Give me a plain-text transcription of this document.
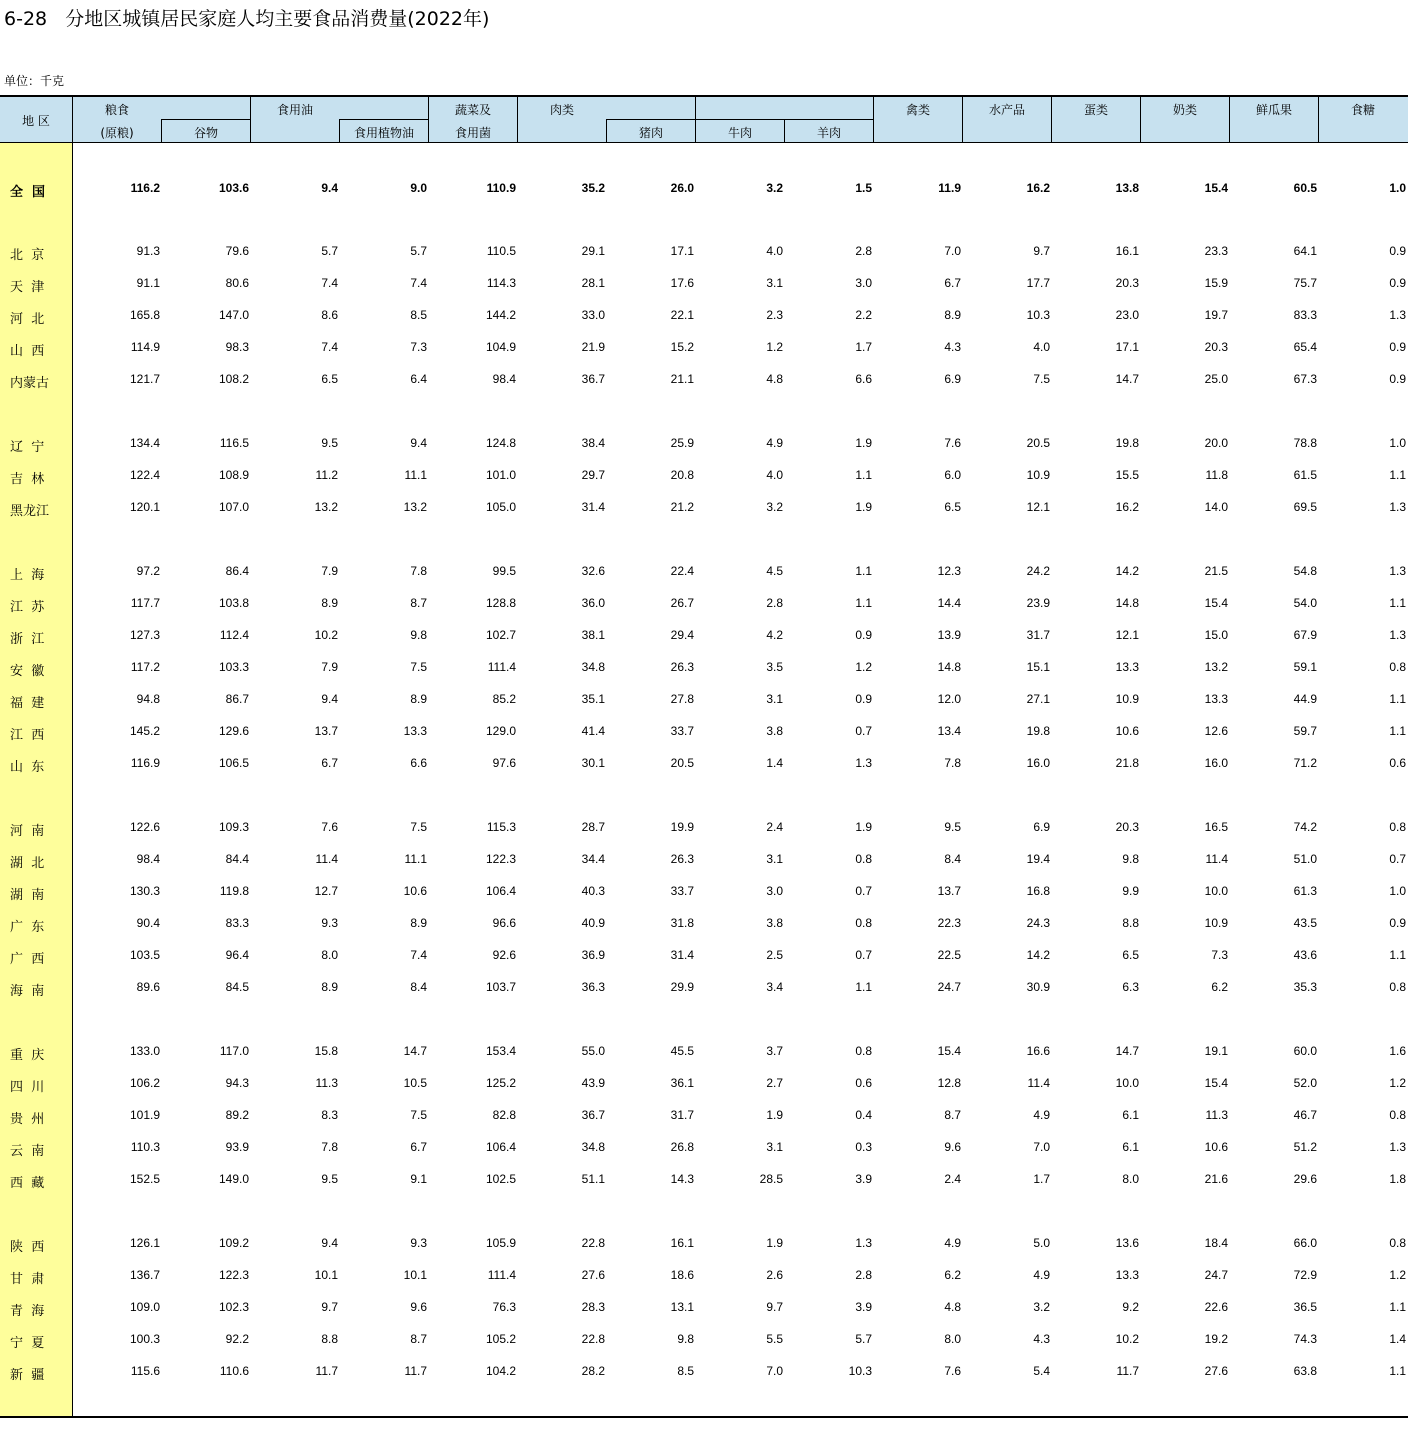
6-28   分地区城镇居民家庭人均主要食品消费量(2022年)
单位：千克
地 区
粮食	食用油	蔬菜及	肉类	禽类	水产品	蛋类	奶类	鲜瓜果	食糖
(原粮)	谷物	食用植物油	食用菌	猪肉	牛肉	羊肉
全  国	116.2	103.6	9.4	9.0	110.9	35.2	26.0	3.2	1.5	11.9	16.2	13.8	15.4	60.5	1.0
北  京	91.3	79.6	5.7	5.7	110.5	29.1	17.1	4.0	2.8	7.0	9.7	16.1	23.3	64.1	0.9
天  津	91.1	80.6	7.4	7.4	114.3	28.1	17.6	3.1	3.0	6.7	17.7	20.3	15.9	75.7	0.9
河  北	165.8	147.0	8.6	8.5	144.2	33.0	22.1	2.3	2.2	8.9	10.3	23.0	19.7	83.3	1.3
山  西	114.9	98.3	7.4	7.3	104.9	21.9	15.2	1.2	1.7	4.3	4.0	17.1	20.3	65.4	0.9
内蒙古	121.7	108.2	6.5	6.4	98.4	36.7	21.1	4.8	6.6	6.9	7.5	14.7	25.0	67.3	0.9
辽  宁	134.4	116.5	9.5	9.4	124.8	38.4	25.9	4.9	1.9	7.6	20.5	19.8	20.0	78.8	1.0
吉  林	122.4	108.9	11.2	11.1	101.0	29.7	20.8	4.0	1.1	6.0	10.9	15.5	11.8	61.5	1.1
黑龙江	120.1	107.0	13.2	13.2	105.0	31.4	21.2	3.2	1.9	6.5	12.1	16.2	14.0	69.5	1.3
上  海	97.2	86.4	7.9	7.8	99.5	32.6	22.4	4.5	1.1	12.3	24.2	14.2	21.5	54.8	1.3
江  苏	117.7	103.8	8.9	8.7	128.8	36.0	26.7	2.8	1.1	14.4	23.9	14.8	15.4	54.0	1.1
浙  江	127.3	112.4	10.2	9.8	102.7	38.1	29.4	4.2	0.9	13.9	31.7	12.1	15.0	67.9	1.3
安  徽	117.2	103.3	7.9	7.5	111.4	34.8	26.3	3.5	1.2	14.8	15.1	13.3	13.2	59.1	0.8
福  建	94.8	86.7	9.4	8.9	85.2	35.1	27.8	3.1	0.9	12.0	27.1	10.9	13.3	44.9	1.1
江  西	145.2	129.6	13.7	13.3	129.0	41.4	33.7	3.8	0.7	13.4	19.8	10.6	12.6	59.7	1.1
山  东	116.9	106.5	6.7	6.6	97.6	30.1	20.5	1.4	1.3	7.8	16.0	21.8	16.0	71.2	0.6
河  南	122.6	109.3	7.6	7.5	115.3	28.7	19.9	2.4	1.9	9.5	6.9	20.3	16.5	74.2	0.8
湖  北	98.4	84.4	11.4	11.1	122.3	34.4	26.3	3.1	0.8	8.4	19.4	9.8	11.4	51.0	0.7
湖  南	130.3	119.8	12.7	10.6	106.4	40.3	33.7	3.0	0.7	13.7	16.8	9.9	10.0	61.3	1.0
广  东	90.4	83.3	9.3	8.9	96.6	40.9	31.8	3.8	0.8	22.3	24.3	8.8	10.9	43.5	0.9
广  西	103.5	96.4	8.0	7.4	92.6	36.9	31.4	2.5	0.7	22.5	14.2	6.5	7.3	43.6	1.1
海  南	89.6	84.5	8.9	8.4	103.7	36.3	29.9	3.4	1.1	24.7	30.9	6.3	6.2	35.3	0.8
重  庆	133.0	117.0	15.8	14.7	153.4	55.0	45.5	3.7	0.8	15.4	16.6	14.7	19.1	60.0	1.6
四  川	106.2	94.3	11.3	10.5	125.2	43.9	36.1	2.7	0.6	12.8	11.4	10.0	15.4	52.0	1.2
贵  州	101.9	89.2	8.3	7.5	82.8	36.7	31.7	1.9	0.4	8.7	4.9	6.1	11.3	46.7	0.8
云  南	110.3	93.9	7.8	6.7	106.4	34.8	26.8	3.1	0.3	9.6	7.0	6.1	10.6	51.2	1.3
西  藏	152.5	149.0	9.5	9.1	102.5	51.1	14.3	28.5	3.9	2.4	1.7	8.0	21.6	29.6	1.8
陕  西	126.1	109.2	9.4	9.3	105.9	22.8	16.1	1.9	1.3	4.9	5.0	13.6	18.4	66.0	0.8
甘  肃	136.7	122.3	10.1	10.1	111.4	27.6	18.6	2.6	2.8	6.2	4.9	13.3	24.7	72.9	1.2
青  海	109.0	102.3	9.7	9.6	76.3	28.3	13.1	9.7	3.9	4.8	3.2	9.2	22.6	36.5	1.1
宁  夏	100.3	92.2	8.8	8.7	105.2	22.8	9.8	5.5	5.7	8.0	4.3	10.2	19.2	74.3	1.4
新  疆	115.6	110.6	11.7	11.7	104.2	28.2	8.5	7.0	10.3	7.6	5.4	11.7	27.6	63.8	1.1
